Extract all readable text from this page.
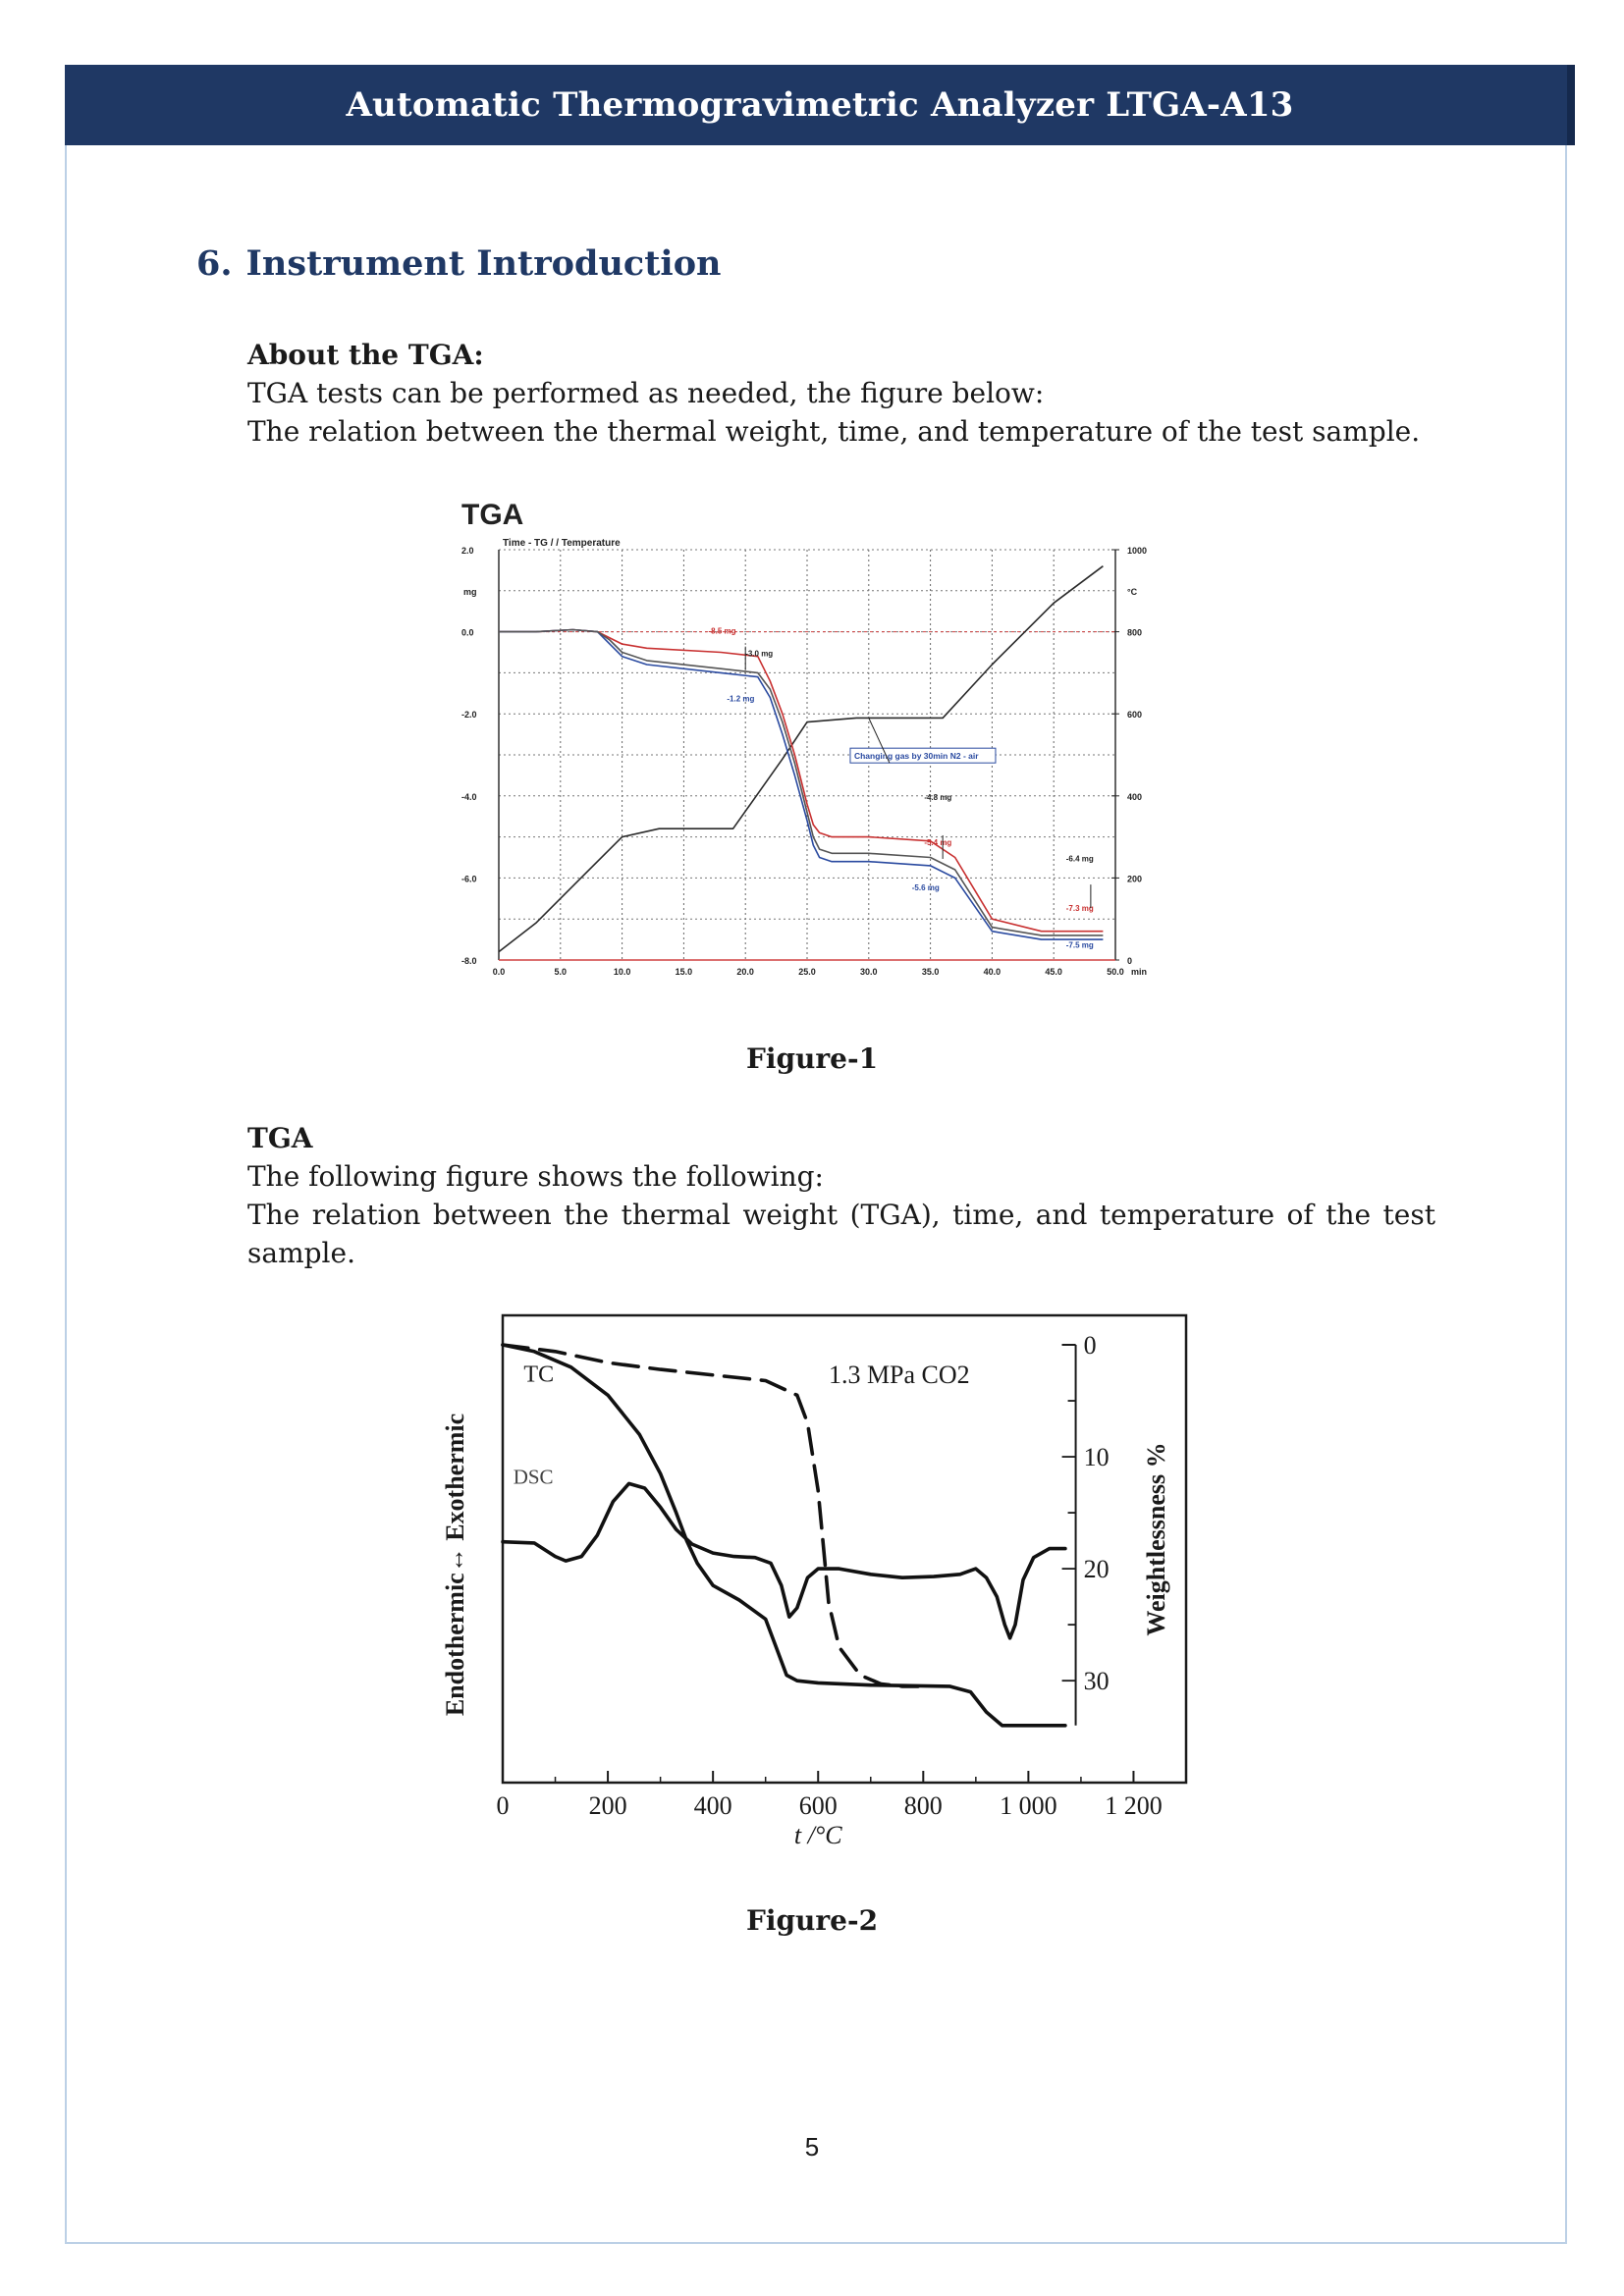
Automatic Thermogravimetric Analyzer LTGA-A13
6. Instrument Introduction
About the TGA:
TGA tests can be performed as needed, the figure below:
The relation between the thermal weight, time, and temperature of the test sample.
TGA
Time - TG / / Temperature
0.0	5.0	10.0	15.0	20.0	25.0	30.0	35.0	40.0	45.0	50.0 min
2.0
0.0
-2.0
-4.0
-6.0
-8.0
mg
1000
800
600
400
200
0
°C
-8.5 mg
-3.0 mg
-1.2 mg
Changing gas by 30min N2 - air
-4.8 mg
-5.4 mg
-5.6 mg
-6.4 mg
-7.3 mg
-7.5 mg
Figure-1
TGA
The following figure shows the following:
The relation between the thermal weight (TGA), time, and temperature of the test sample.
0
10
20
30
Weightlessness %
0	200	400	600	800 1 000 1 200
t /°C
Endothermic↔ Exothermic
TC
DSC
1.3 MPa CO2
Figure-2
5
